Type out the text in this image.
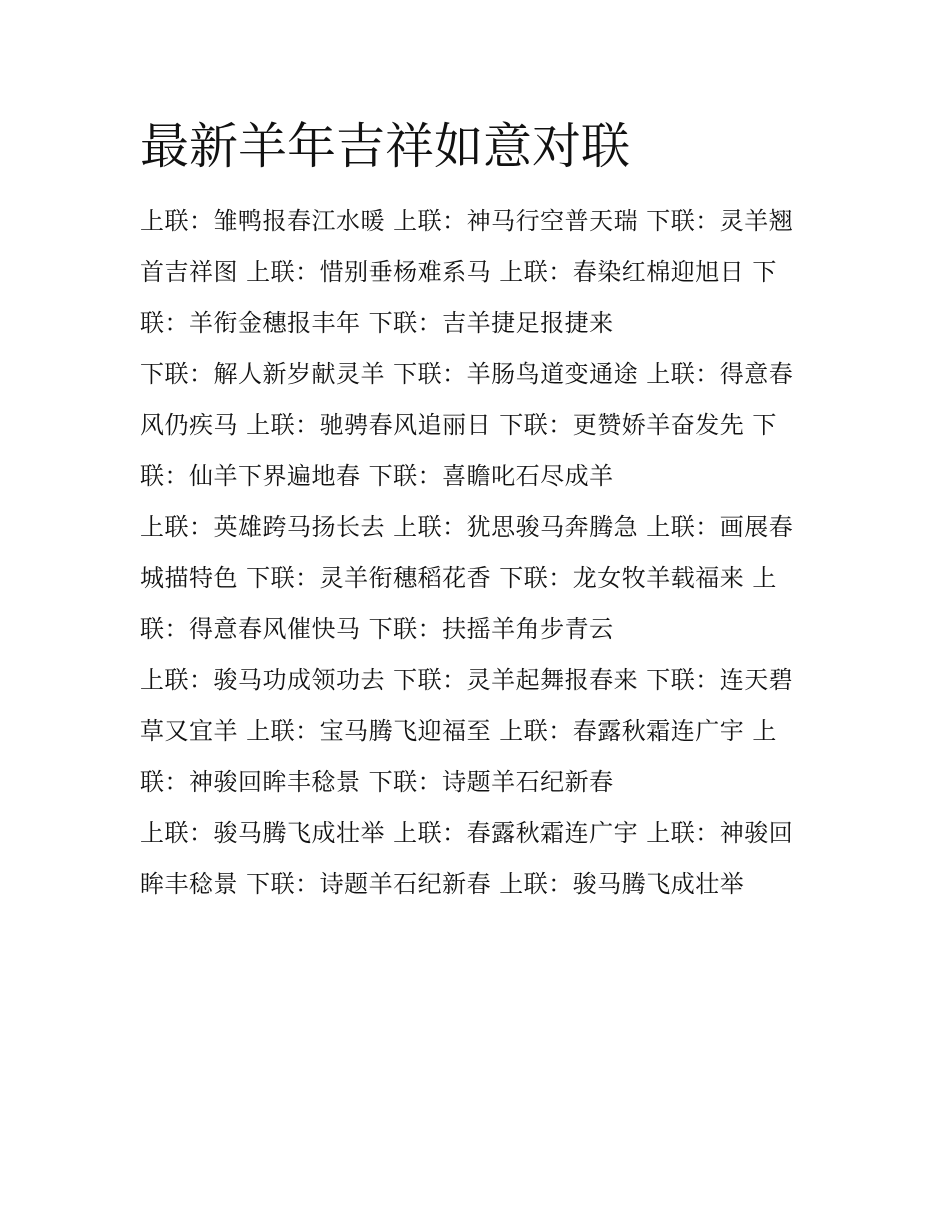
最新羊年吉祥如意对联

上联：雏鸭报春江水暖 上联：神马行空普天瑞 下联：灵羊翘首吉祥图 上联：惜别垂杨难系马 上联：春染红棉迎旭日 下联：羊衔金穗报丰年 下联：吉羊捷足报捷来

下联：解人新岁献灵羊 下联：羊肠鸟道变通途 上联：得意春风仍疾马 上联：驰骋春风追丽日 下联：更赞娇羊奋发先 下联：仙羊下界遍地春 下联：喜瞻叱石尽成羊

上联：英雄跨马扬长去 上联：犹思骏马奔腾急 上联：画展春城描特色 下联：灵羊衔穗稻花香 下联：龙女牧羊载福来 上联：得意春风催快马 下联：扶摇羊角步青云

上联：骏马功成领功去 下联：灵羊起舞报春来 下联：连天碧草又宜羊 上联：宝马腾飞迎福至 上联：春露秋霜连广宇 上联：神骏回眸丰稔景 下联：诗题羊石纪新春

上联：骏马腾飞成壮举 上联：春露秋霜连广宇 上联：神骏回眸丰稔景 下联：诗题羊石纪新春 上联：骏马腾飞成壮举
